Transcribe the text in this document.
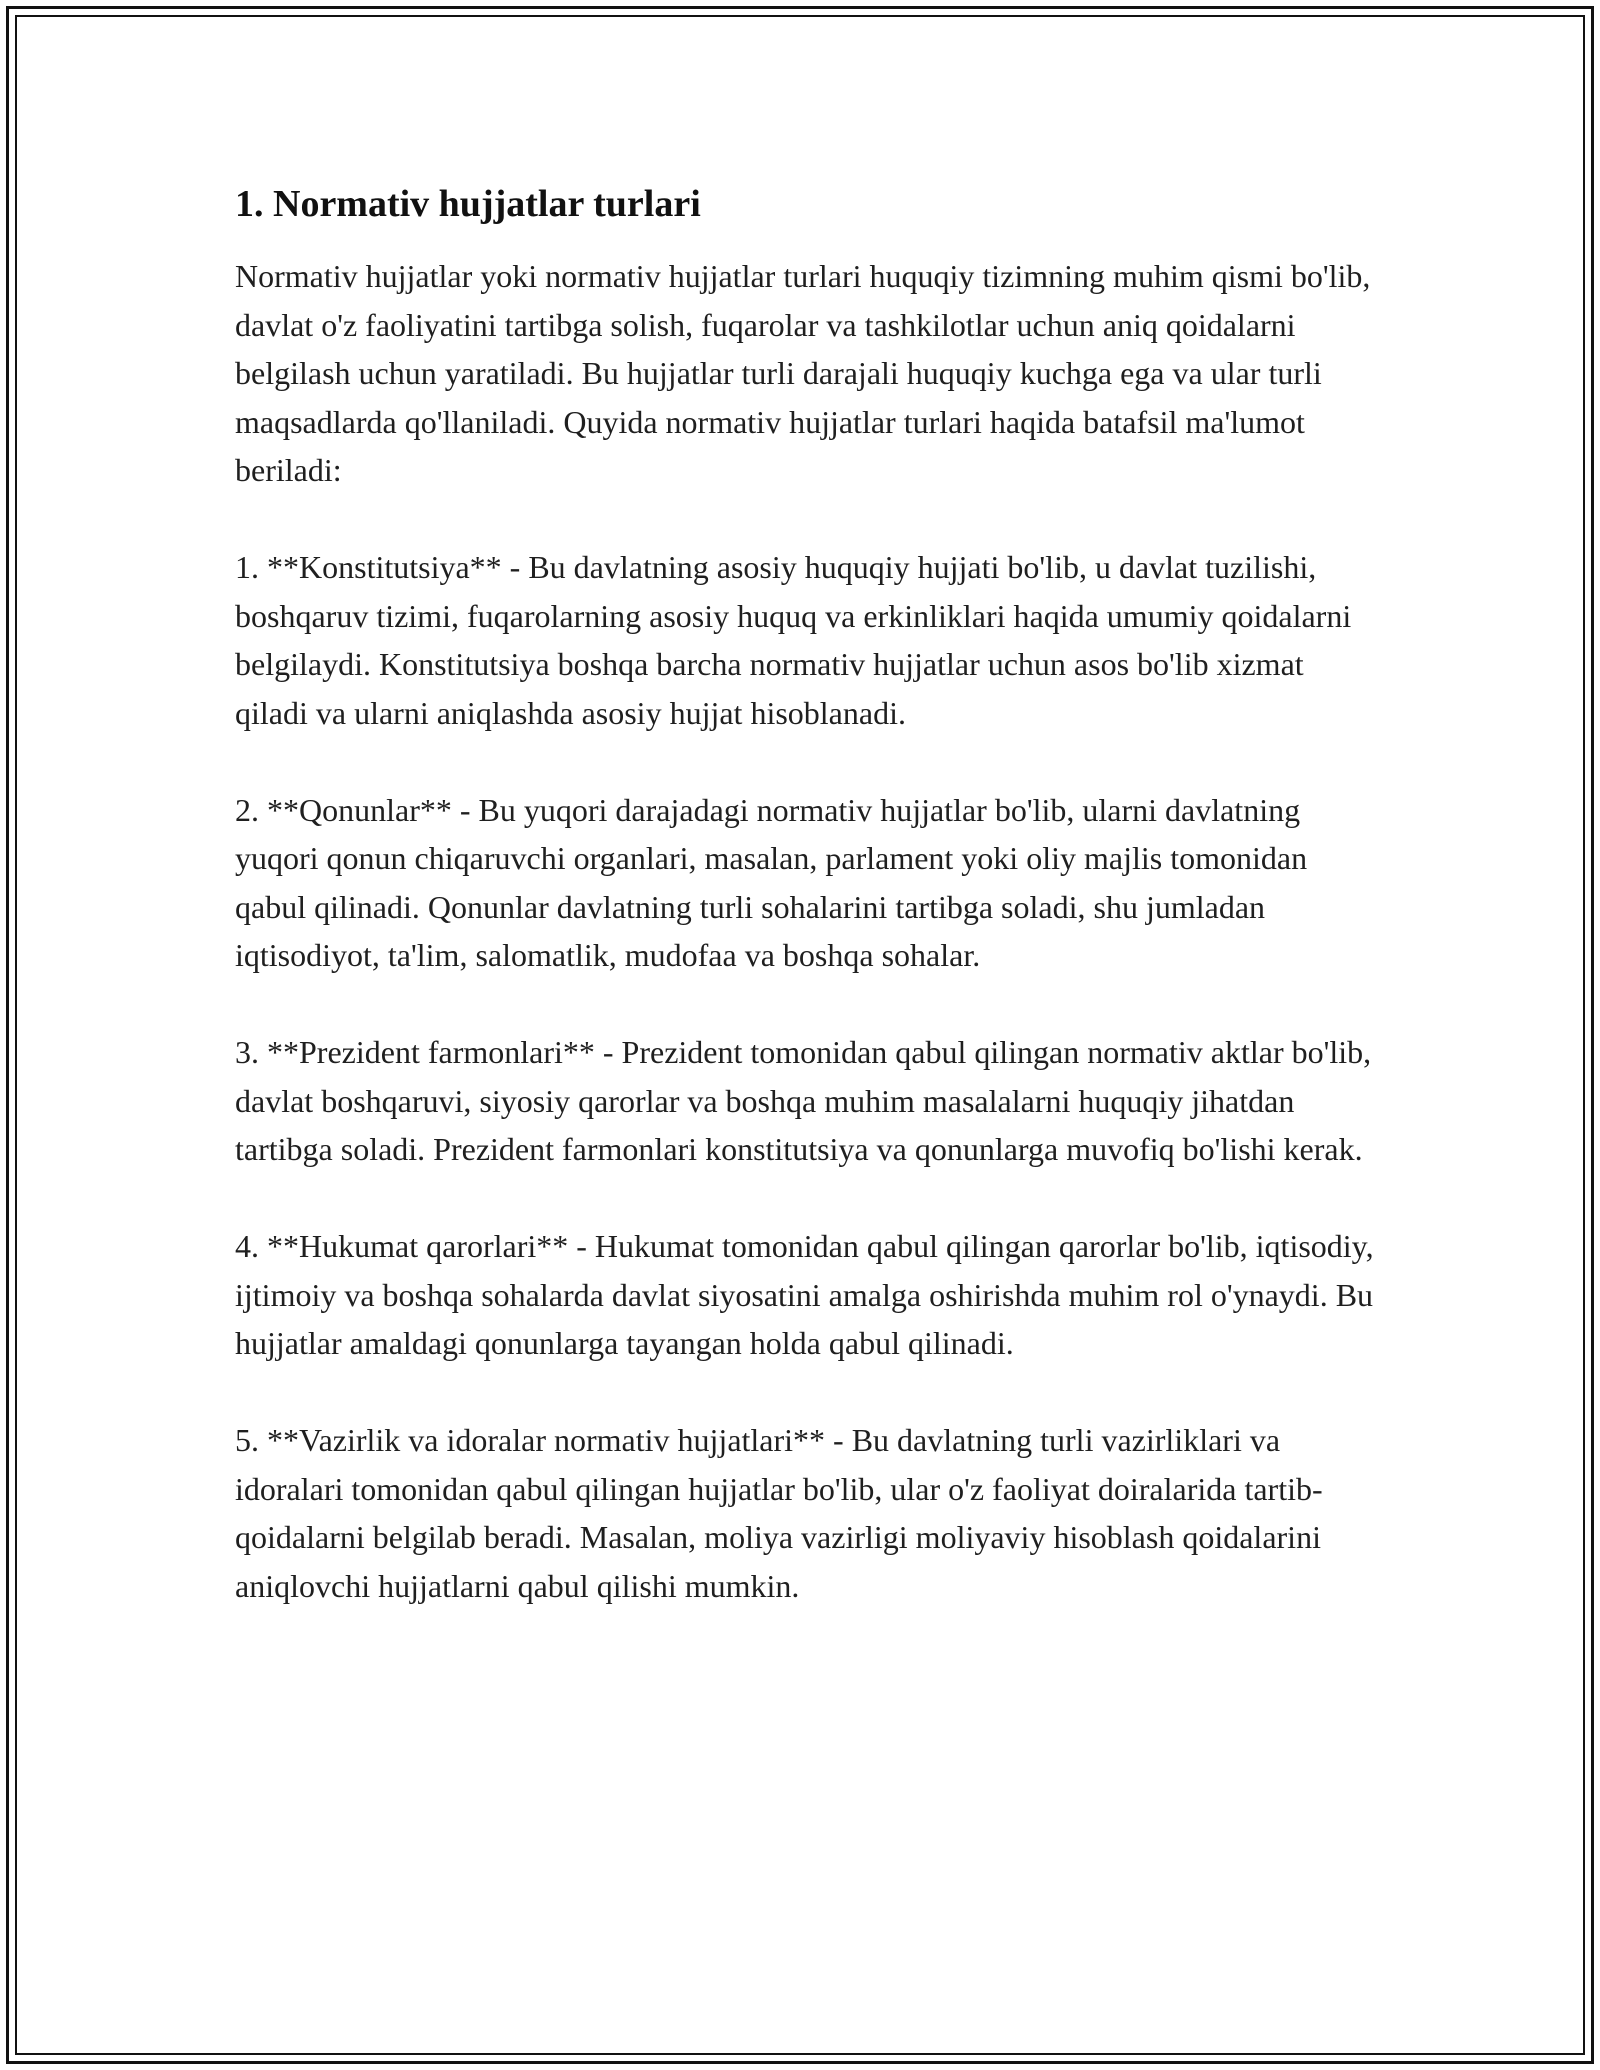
1. Normativ hujjatlar turlari

Normativ hujjatlar yoki normativ hujjatlar turlari huquqiy tizimning muhim qismi bo'lib, davlat o'z faoliyatini tartibga solish, fuqarolar va tashkilotlar uchun aniq qoidalarni belgilash uchun yaratiladi. Bu hujjatlar turli darajali huquqiy kuchga ega va ular turli maqsadlarda qo'llaniladi. Quyida normativ hujjatlar turlari haqida batafsil ma'lumot beriladi:

1. **Konstitutsiya** - Bu davlatning asosiy huquqiy hujjati bo'lib, u davlat tuzilishi, boshqaruv tizimi, fuqarolarning asosiy huquq va erkinliklari haqida umumiy qoidalarni belgilaydi. Konstitutsiya boshqa barcha normativ hujjatlar uchun asos bo'lib xizmat qiladi va ularni aniqlashda asosiy hujjat hisoblanadi.

2. **Qonunlar** - Bu yuqori darajadagi normativ hujjatlar bo'lib, ularni davlatning yuqori qonun chiqaruvchi organlari, masalan, parlament yoki oliy majlis tomonidan qabul qilinadi. Qonunlar davlatning turli sohalarini tartibga soladi, shu jumladan iqtisodiyot, ta'lim, salomatlik, mudofaa va boshqa sohalar.

3. **Prezident farmonlari** - Prezident tomonidan qabul qilingan normativ aktlar bo'lib, davlat boshqaruvi, siyosiy qarorlar va boshqa muhim masalalarni huquqiy jihatdan tartibga soladi. Prezident farmonlari konstitutsiya va qonunlarga muvofiq bo'lishi kerak.

4. **Hukumat qarorlari** - Hukumat tomonidan qabul qilingan qarorlar bo'lib, iqtisodiy, ijtimoiy va boshqa sohalarda davlat siyosatini amalga oshirishda muhim rol o'ynaydi. Bu hujjatlar amaldagi qonunlarga tayangan holda qabul qilinadi.

5. **Vazirlik va idoralar normativ hujjatlari** - Bu davlatning turli vazirliklari va idoralari tomonidan qabul qilingan hujjatlar bo'lib, ular o'z faoliyat doiralarida tartib-qoidalarni belgilab beradi. Masalan, moliya vazirligi moliyaviy hisoblash qoidalarini aniqlovchi hujjatlarni qabul qilishi mumkin.
